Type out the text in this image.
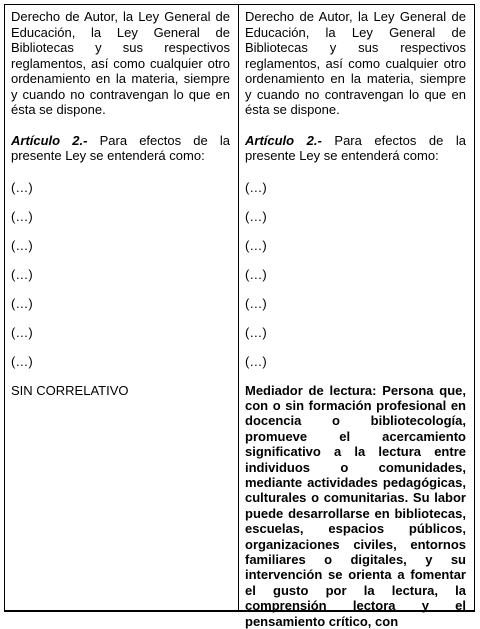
Derecho de Autor, la Ley General de Educación, la Ley General de Bibliotecas y sus respectivos reglamentos, así como cualquier otro ordenamiento en la materia, siempre y cuando no contravengan lo que en ésta se dispone.

Artículo 2.- Para efectos de la presente Ley se entenderá como:
(…)
(…)
(…)
(…)
(…)
(…)
(…)
SIN CORRELATIVO

Derecho de Autor, la Ley General de Educación, la Ley General de Bibliotecas y sus respectivos reglamentos, así como cualquier otro ordenamiento en la materia, siempre y cuando no contravengan lo que en ésta se dispone.

Artículo 2.- Para efectos de la presente Ley se entenderá como:
(…)
(…)
(…)
(…)
(…)
(…)
(…)
Mediador de lectura: Persona que, con o sin formación profesional en docencia o bibliotecología, promueve el acercamiento significativo a la lectura entre individuos o comunidades, mediante actividades pedagógicas, culturales o comunitarias. Su labor puede desarrollarse en bibliotecas, escuelas, espacios públicos, organizaciones civiles, entornos familiares o digitales, y su intervención se orienta a fomentar el gusto por la lectura, la comprensión lectora y el pensamiento crítico, con
